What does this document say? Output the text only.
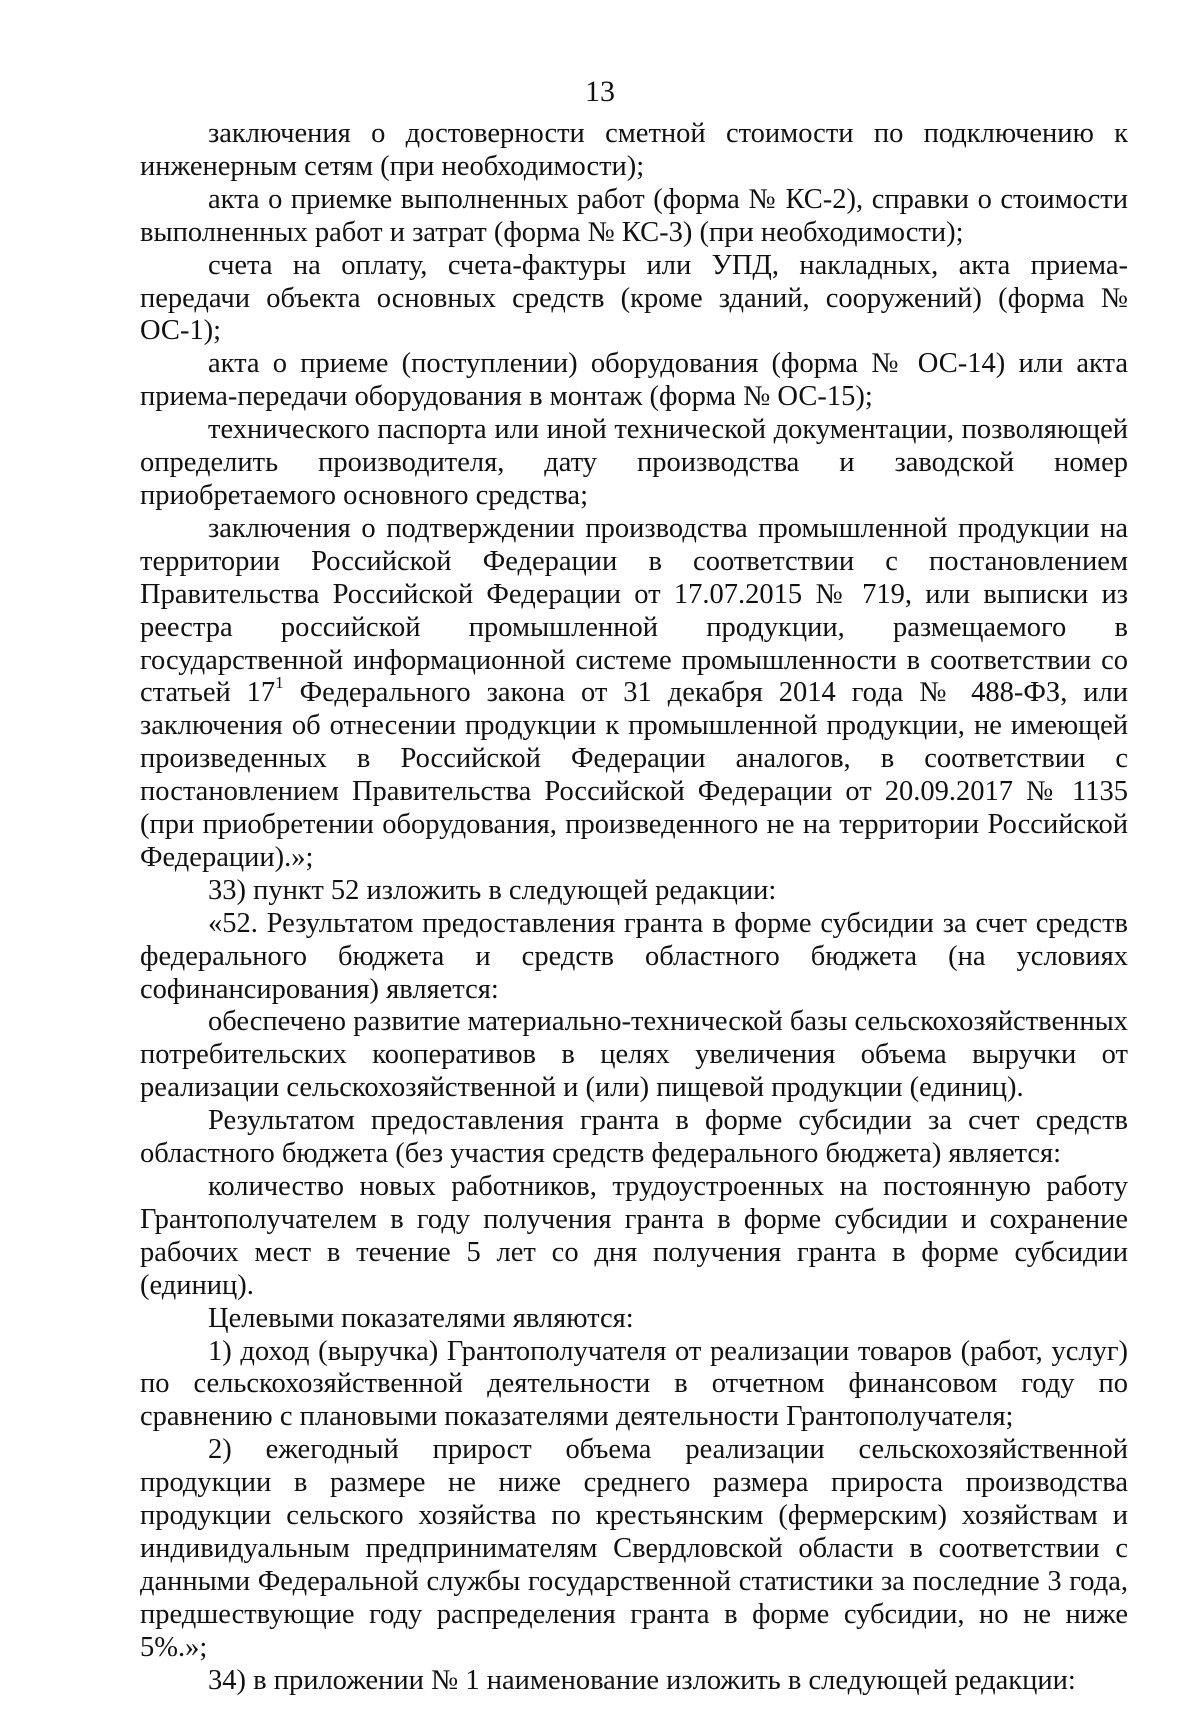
13

заключения о достоверности сметной стоимости по подключению к инженерным сетям (при необходимости);

акта о приемке выполненных работ (форма № КС-2), справки о стоимости выполненных работ и затрат (форма № КС-3) (при необходимости);

счета на оплату, счета-фактуры или УПД, накладных, акта приема-передачи объекта основных средств (кроме зданий, сооружений) (форма № ОС-1);

акта о приеме (поступлении) оборудования (форма № ОС-14) или акта приема-передачи оборудования в монтаж (форма № ОС-15);

технического паспорта или иной технической документации, позволяющей определить производителя, дату производства и заводской номер приобретаемого основного средства;

заключения о подтверждении производства промышленной продукции на территории Российской Федерации в соответствии с постановлением Правительства Российской Федерации от 17.07.2015 № 719, или выписки из реестра российской промышленной продукции, размещаемого в государственной информационной системе промышленности в соответствии со статьей $17^1$ Федерального закона от 31 декабря 2014 года № 488-ФЗ, или заключения об отнесении продукции к промышленной продукции, не имеющей произведенных в Российской Федерации аналогов, в соответствии с постановлением Правительства Российской Федерации от 20.09.2017 № 1135 (при приобретении оборудования, произведенного не на территории Российской Федерации).»;

33) пункт 52 изложить в следующей редакции:

«52. Результатом предоставления гранта в форме субсидии за счет средств федерального бюджета и средств областного бюджета (на условиях софинансирования) является:

обеспечено развитие материально-технической базы сельскохозяйственных потребительских кооперативов в целях увеличения объема выручки от реализации сельскохозяйственной и (или) пищевой продукции (единиц).

Результатом предоставления гранта в форме субсидии за счет средств областного бюджета (без участия средств федерального бюджета) является:

количество новых работников, трудоустроенных на постоянную работу Грантополучателем в году получения гранта в форме субсидии и сохранение рабочих мест в течение 5 лет со дня получения гранта в форме субсидии (единиц).

Целевыми показателями являются:

1) доход (выручка) Грантополучателя от реализации товаров (работ, услуг) по сельскохозяйственной деятельности в отчетном финансовом году по сравнению с плановыми показателями деятельности Грантополучателя;

2) ежегодный прирост объема реализации сельскохозяйственной продукции в размере не ниже среднего размера прироста производства продукции сельского хозяйства по крестьянским (фермерским) хозяйствам и индивидуальным предпринимателям Свердловской области в соответствии с данными Федеральной службы государственной статистики за последние 3 года, предшествующие году распределения гранта в форме субсидии, но не ниже 5%.»;

34) в приложении № 1 наименование изложить в следующей редакции:
